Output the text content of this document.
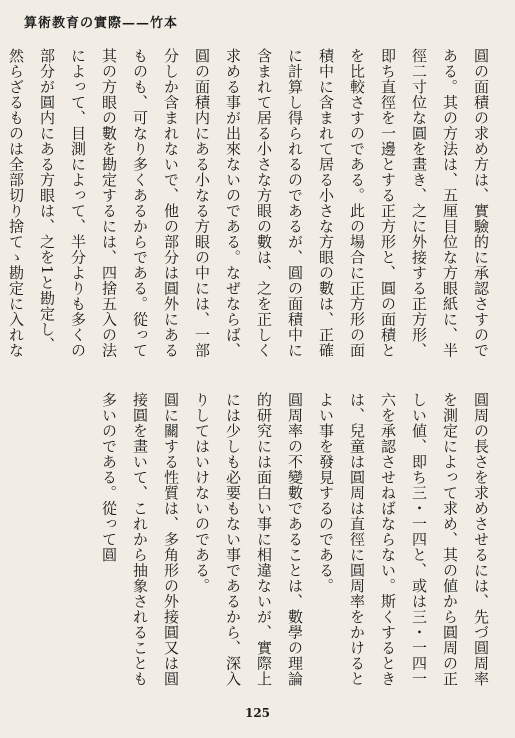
算術教育の實際——竹本

圓の面積の求め方は、實驗的に承認さすのである。其の方法は、五厘目位な方眼紙に、半徑二寸位な圓を畫き、之に外接する正方形、即ち直徑を一邊とする正方形と、圓の面積とを比較さすのである。此の場合に正方形の面積中に含まれて居る小さな方眼の數は、正確に計算し得られるのであるが、圓の面積中に含まれて居る小さな方眼の數は、之を正しく求める事が出來ないのである。なぜならば、圓の面積内にある小なる方眼の中には、一部分しか含まれないで、他の部分は圓外にあるものも、可なり多くあるからである。從って其の方眼の數を勘定するには、四捨五入の法によって、目測によって、半分よりも多くの部分が圓内にある方眼は、之を1と勘定し、然らざるものは全部切り捨てゝ勘定に入れな

圓周の長さを求めさせるには、先づ圓周率を測定によって求め、其の値から圓周の正しい値、即ち三・一四と、或は三・一四一六を承認させねばならない。斯くするときは、兒童は圓周は直徑に圓周率をかけるとよい事を發見するのである。

圓周率の不變數であることは、數學の理論的研究には面白い事に相違ないが、實際上には少しも必要もない事であるから、深入りしてはいけないのである。

圓に關する性質は、多角形の外接圓又は圓接圓を畫いて、これから抽象されることも多いのである。從って圓

125
